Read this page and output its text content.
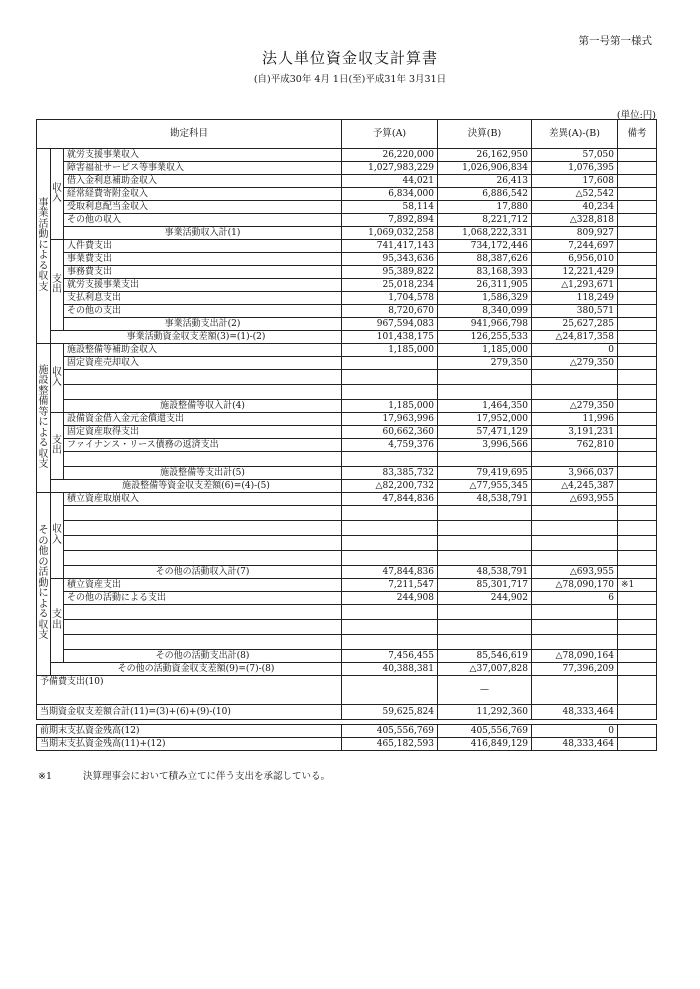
第一号第一様式
法人単位資金収支計算書
(自)平成30年 4月 1日(至)平成31年 3月31日
(単位:円)
勘定科目			予算(A)	決算(B)	差異(A)-(B)	備考
事業活動による収支	収入	就労支援事業収入	26,220,000	26,162,950	57,050	
		障害福祉サービス等事業収入	1,027,983,229	1,026,906,834	1,076,395	
		借入金利息補助金収入	44,021	26,413	17,608	
		経常経費寄附金収入	6,834,000	6,886,542	△52,542	
		受取利息配当金収入	58,114	17,880	40,234	
		その他の収入	7,892,894	8,221,712	△328,818	
		事業活動収入計(1)	1,069,032,258	1,068,222,331	809,927	
	支出	人件費支出	741,417,143	734,172,446	7,244,697	
		事業費支出	95,343,636	88,387,626	6,956,010	
		事務費支出	95,389,822	83,168,393	12,221,429	
		就労支援事業支出	25,018,234	26,311,905	△1,293,671	
		支払利息支出	1,704,578	1,586,329	118,249	
		その他の支出	8,720,670	8,340,099	380,571	
		事業活動支出計(2)	967,594,083	941,966,798	25,627,285	
	事業活動資金収支差額(3)=(1)-(2)		101,438,175	126,255,533	△24,817,358	
施設整備等による収支	収入	施設整備等補助金収入	1,185,000	1,185,000	0	
		固定資産売却収入		279,350	△279,350	

		施設整備等収入計(4)	1,185,000	1,464,350	△279,350	
	支出	設備資金借入金元金償還支出	17,963,996	17,952,000	11,996	
		固定資産取得支出	60,662,360	57,471,129	3,191,231	
		ファイナンス・リース債務の返済支出	4,759,376	3,996,566	762,810	

		施設整備等支出計(5)	83,385,732	79,419,695	3,966,037	
	施設整備等資金収支差額(6)=(4)-(5)		△82,200,732	△77,955,345	△4,245,387	
その他の活動による収支	収入	積立資産取崩収入	47,844,836	48,538,791	△693,955	

		その他の活動収入計(7)	47,844,836	48,538,791	△693,955	
	支出	積立資産支出	7,211,547	85,301,717	△78,090,170	※1
		その他の活動による支出	244,908	244,902	6	

		その他の活動支出計(8)	7,456,455	85,546,619	△78,090,164	
	その他の活動資金収支差額(9)=(7)-(8)		40,388,381	△37,007,828	77,396,209	
予備費支出(10)				—		
当期資金収支差額合計(11)=(3)+(6)+(9)-(10)			59,625,824	11,292,360	48,333,464	
前期末支払資金残高(12)	405,556,769	405,556,769	0	
当期末支払資金残高(11)+(12)	465,182,593	416,849,129	48,333,464	
※1	決算理事会において積み立てに伴う支出を承認している。
